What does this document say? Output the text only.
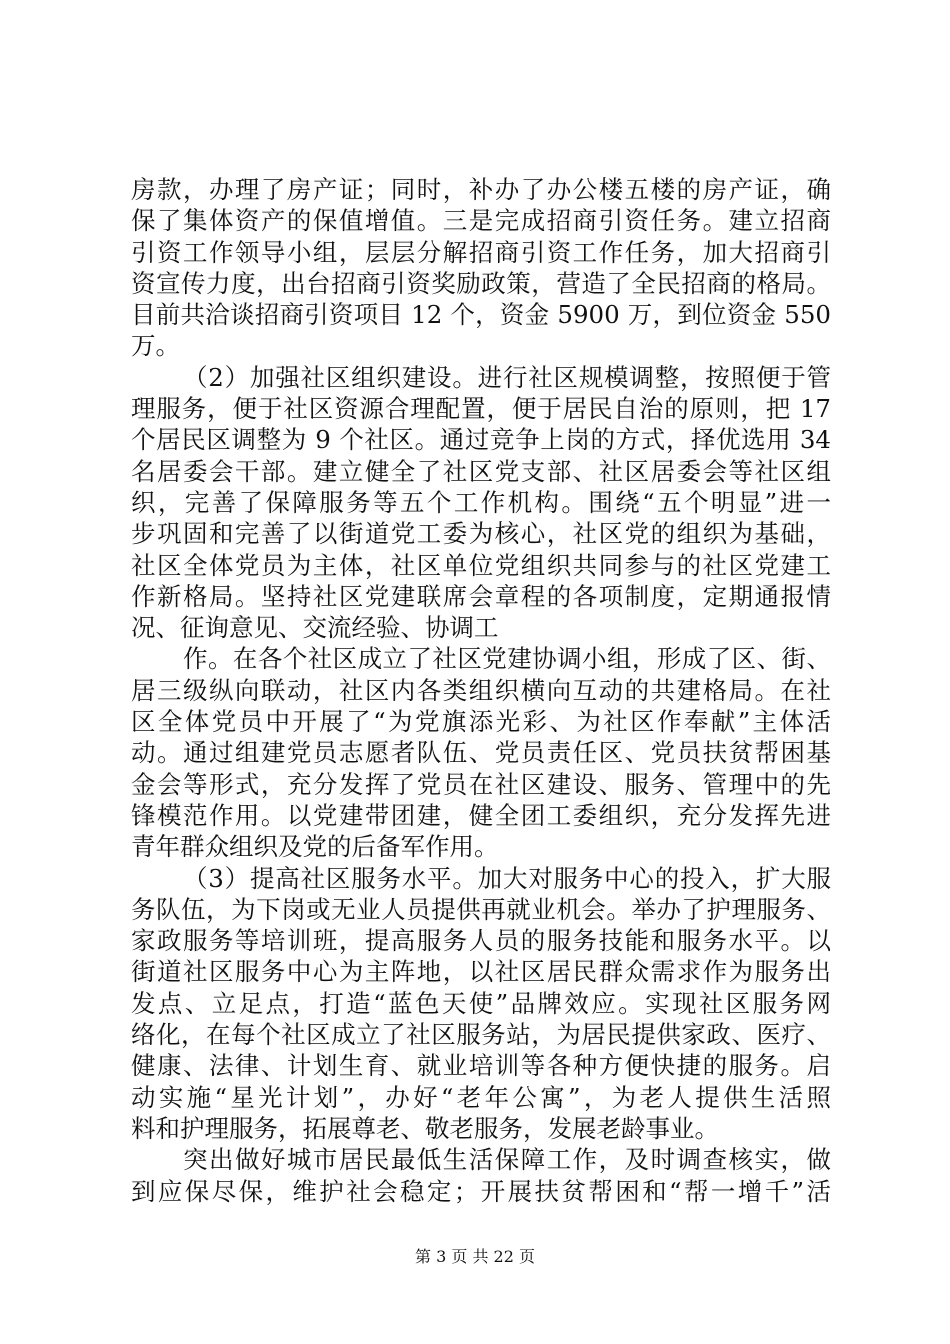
房款，办理了房产证；同时，补办了办公楼五楼的房产证，确
保了集体资产的保值增值。三是完成招商引资任务。建立招商
引资工作领导小组，层层分解招商引资工作任务，加大招商引
资宣传力度，出台招商引资奖励政策，营造了全民招商的格局。
目前共洽谈招商引资项目 12 个，资金 5900 万，到位资金 550
万。
（2）加强社区组织建设。进行社区规模调整，按照便于管
理服务，便于社区资源合理配置，便于居民自治的原则，把 17
个居民区调整为 9 个社区。通过竞争上岗的方式，择优选用 34
名居委会干部。建立健全了社区党支部、社区居委会等社区组
织，完善了保障服务等五个工作机构。围绕“五个明显”进一
步巩固和完善了以街道党工委为核心，社区党的组织为基础，
社区全体党员为主体，社区单位党组织共同参与的社区党建工
作新格局。坚持社区党建联席会章程的各项制度，定期通报情
况、征询意见、交流经验、协调工
作。在各个社区成立了社区党建协调小组，形成了区、街、
居三级纵向联动，社区内各类组织横向互动的共建格局。在社
区全体党员中开展了“为党旗添光彩、为社区作奉献”主体活
动。通过组建党员志愿者队伍、党员责任区、党员扶贫帮困基
金会等形式，充分发挥了党员在社区建设、服务、管理中的先
锋模范作用。以党建带团建，健全团工委组织，充分发挥先进
青年群众组织及党的后备军作用。
（3）提高社区服务水平。加大对服务中心的投入，扩大服
务队伍，为下岗或无业人员提供再就业机会。举办了护理服务、
家政服务等培训班，提高服务人员的服务技能和服务水平。以
街道社区服务中心为主阵地，以社区居民群众需求作为服务出
发点、立足点，打造“蓝色天使”品牌效应。实现社区服务网
络化，在每个社区成立了社区服务站，为居民提供家政、医疗、
健康、法律、计划生育、就业培训等各种方便快捷的服务。启
动实施“星光计划”，办好“老年公寓”，为老人提供生活照
料和护理服务，拓展尊老、敬老服务，发展老龄事业。
突出做好城市居民最低生活保障工作，及时调查核实，做
到应保尽保，维护社会稳定；开展扶贫帮困和“帮一增千”活
第 3 页 共 22 页
